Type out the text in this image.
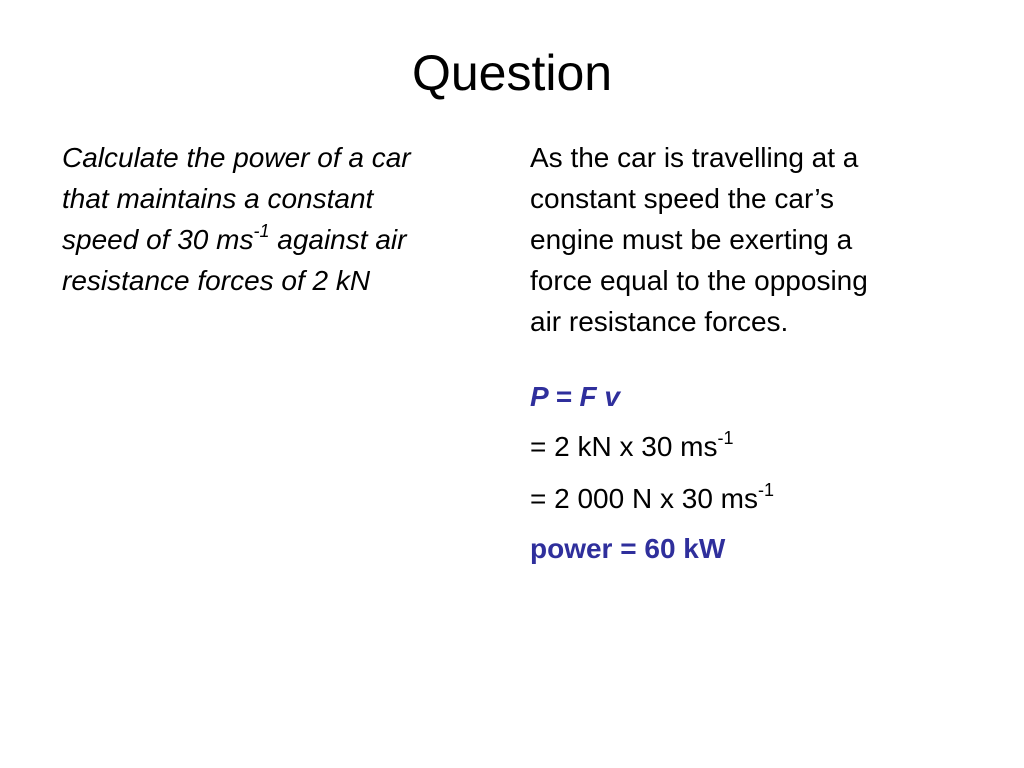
Question
Calculate the power of a car
that maintains a constant
speed of 30 $ms^{-1}$ against air
resistance forces of 2 kN
As the car is travelling at a
constant speed the car’s
engine must be exerting a
force equal to the opposing
air resistance forces.
P = F v
= 2 kN x 30 $ms^{-1}$
= 2 000 N x 30 $ms^{-1}$
power = 60 kW
